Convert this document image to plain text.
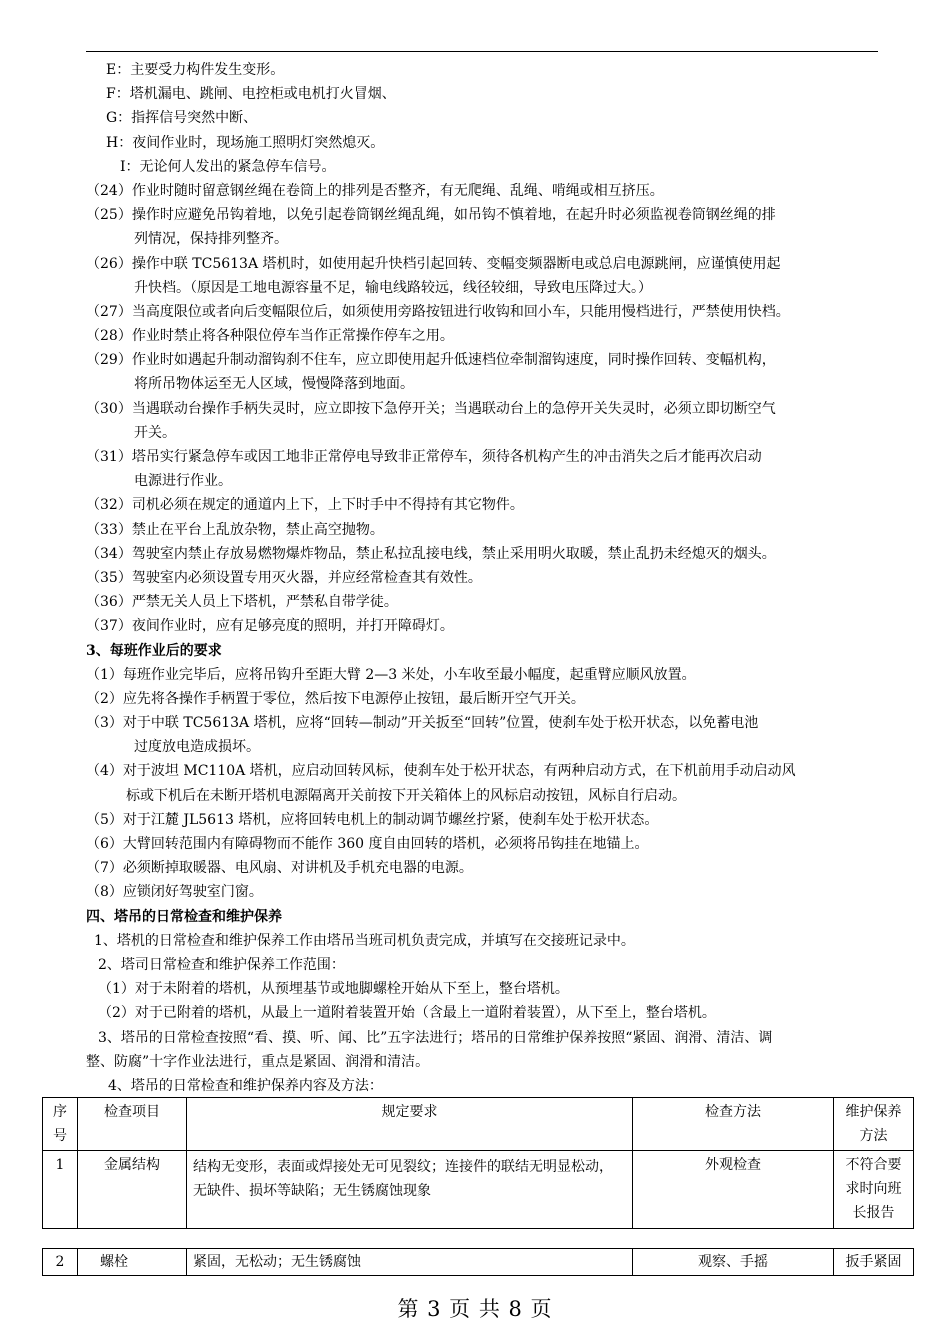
E：主要受力构件发生变形。
F：塔机漏电、跳闸、电控柜或电机打火冒烟、
G：指挥信号突然中断、
H：夜间作业时，现场施工照明灯突然熄灭。
I：无论何人发出的紧急停车信号。
（24）作业时随时留意钢丝绳在卷筒上的排列是否整齐，有无爬绳、乱绳、啃绳或相互挤压。
（25）操作时应避免吊钩着地，以免引起卷筒钢丝绳乱绳，如吊钩不慎着地，在起升时必须监视卷筒钢丝绳的排
列情况，保持排列整齐。
（26）操作中联 TC5613A 塔机时，如使用起升快档引起回转、变幅变频器断电或总启电源跳闸，应谨慎使用起
升快档。（原因是工地电源容量不足，输电线路较远，线径较细，导致电压降过大。）
（27）当高度限位或者向后变幅限位后，如须使用旁路按钮进行收钩和回小车，只能用慢档进行，严禁使用快档。
（28）作业时禁止将各种限位停车当作正常操作停车之用。
（29）作业时如遇起升制动溜钩刹不住车，应立即使用起升低速档位牵制溜钩速度，同时操作回转、变幅机构，
将所吊物体运至无人区域，慢慢降落到地面。
（30）当遇联动台操作手柄失灵时，应立即按下急停开关；当遇联动台上的急停开关失灵时，必须立即切断空气
开关。
（31）塔吊实行紧急停车或因工地非正常停电导致非正常停车，须待各机构产生的冲击消失之后才能再次启动
电源进行作业。
（32）司机必须在规定的通道内上下，上下时手中不得持有其它物件。
（33）禁止在平台上乱放杂物，禁止高空抛物。
（34）驾驶室内禁止存放易燃物爆炸物品，禁止私拉乱接电线，禁止采用明火取暖，禁止乱扔未经熄灭的烟头。
（35）驾驶室内必须设置专用灭火器，并应经常检查其有效性。
（36）严禁无关人员上下塔机，严禁私自带学徒。
（37）夜间作业时，应有足够亮度的照明，并打开障碍灯。
3、每班作业后的要求
（1）每班作业完毕后，应将吊钩升至距大臂 2—3 米处，小车收至最小幅度，起重臂应顺风放置。
（2）应先将各操作手柄置于零位，然后按下电源停止按钮，最后断开空气开关。
（3）对于中联 TC5613A 塔机，应将“回转—制动”开关扳至“回转”位置，使刹车处于松开状态，以免蓄电池
过度放电造成损坏。
（4）对于波坦 MC110A 塔机，应启动回转风标，使刹车处于松开状态，有两种启动方式，在下机前用手动启动风
标或下机后在未断开塔机电源隔离开关前按下开关箱体上的风标启动按钮，风标自行启动。
（5）对于江麓 JL5613 塔机，应将回转电机上的制动调节螺丝拧紧，使刹车处于松开状态。
（6）大臂回转范围内有障碍物而不能作 360 度自由回转的塔机，必须将吊钩挂在地锚上。
（7）必须断掉取暖器、电风扇、对讲机及手机充电器的电源。
（8）应锁闭好驾驶室门窗。
四、塔吊的日常检查和维护保养
1、塔机的日常检查和维护保养工作由塔吊当班司机负责完成，并填写在交接班记录中。
2、塔司日常检查和维护保养工作范围：
（1）对于未附着的塔机，从预埋基节或地脚螺栓开始从下至上，整台塔机。
（2）对于已附着的塔机，从最上一道附着装置开始（含最上一道附着装置），从下至上，整台塔机。
3、塔吊的日常检查按照“看、摸、听、闻、比”五字法进行；塔吊的日常维护保养按照“紧固、润滑、清洁、调
整、防腐”十字作业法进行，重点是紧固、润滑和清洁。
4、塔吊的日常检查和维护保养内容及方法：
序号	检查项目	规定要求	检查方法	维护保养方法
1	金属结构	结构无变形，表面或焊接处无可见裂纹；连接件的联结无明显松动，无缺件、损坏等缺陷；无生锈腐蚀现象	外观检查	不符合要求时向班长报告
2	螺栓	紧固，无松动；无生锈腐蚀	观察、手摇	扳手紧固
第 3 页 共 8 页
